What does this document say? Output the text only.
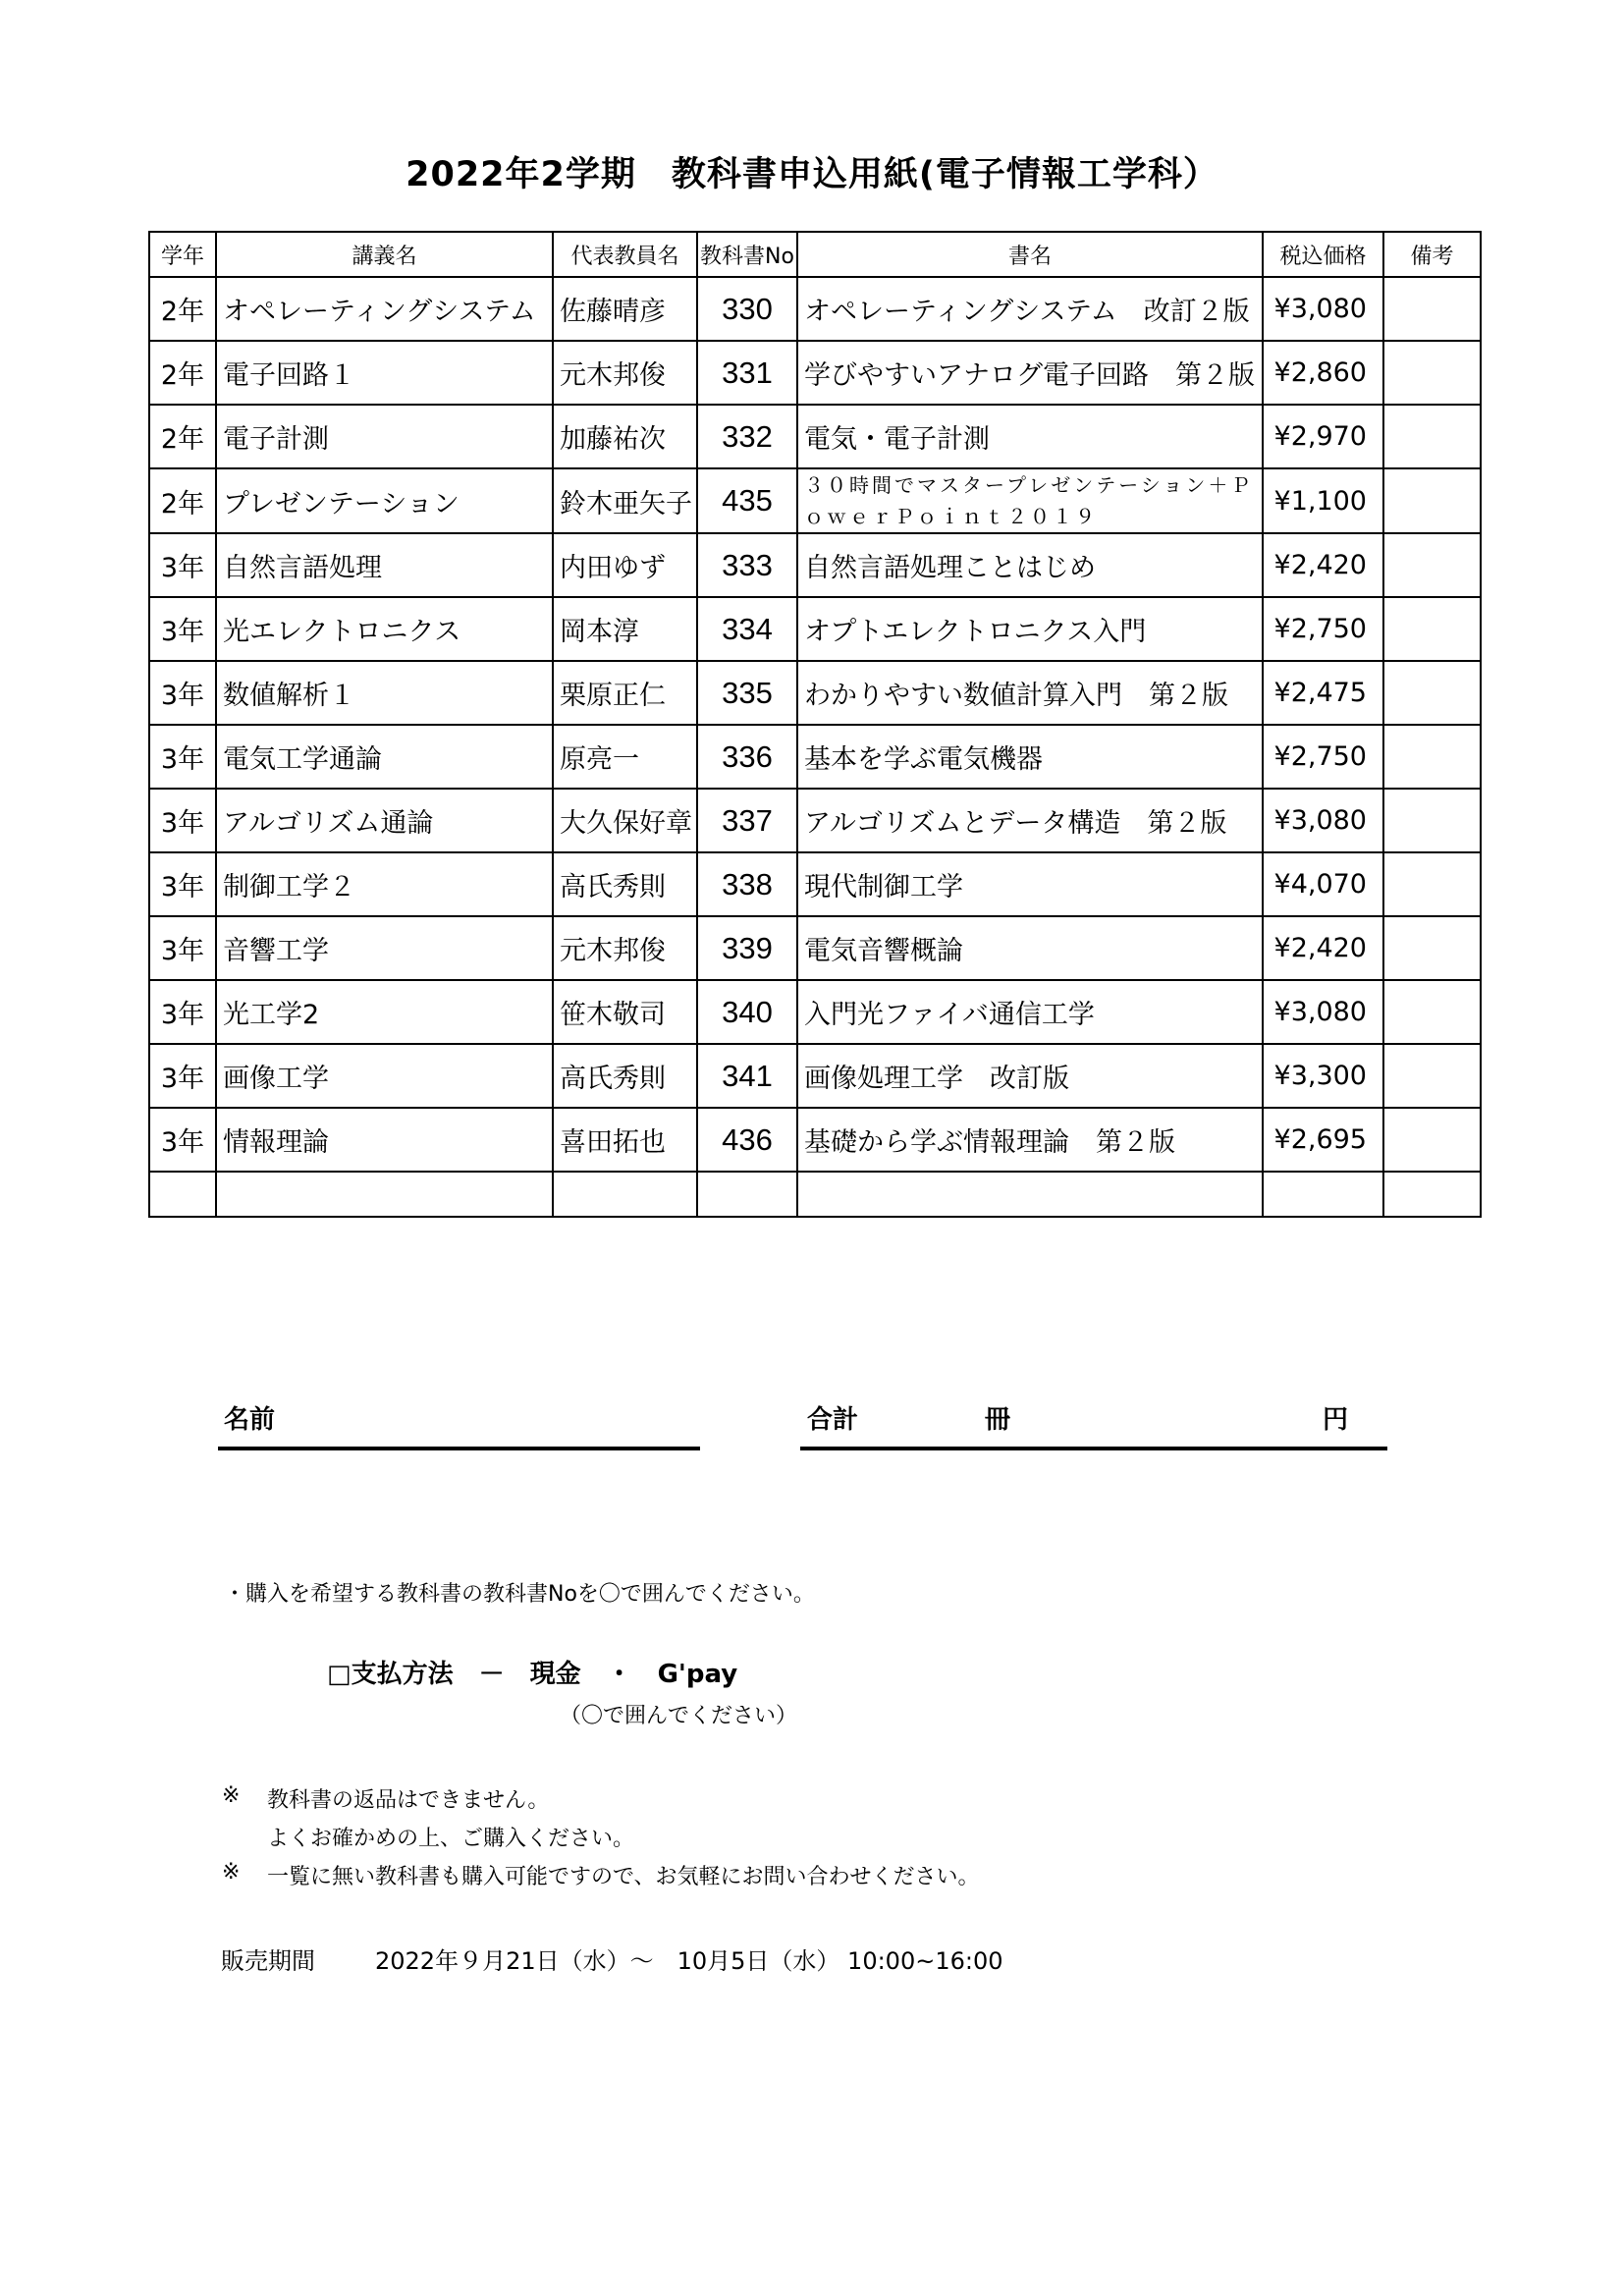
2022年2学期　教科書申込用紙(電子情報工学科）
学年	講義名	代表教員名	教科書No	書名	税込価格	備考
2年	オペレーティングシステム	佐藤晴彦	330	オペレーティングシステム　改訂２版	¥3,080	
2年	電子回路１	元木邦俊	331	学びやすいアナログ電子回路　第２版	¥2,860	
2年	電子計測	加藤祐次	332	電気・電子計測	¥2,970	
2年	プレゼンテーション	鈴木亜矢子	435	３０時間でマスタープレゼンテーション＋ＰｏｗｅｒＰｏｉｎｔ２０１９	¥1,100	
3年	自然言語処理	内田ゆず	333	自然言語処理ことはじめ	¥2,420	
3年	光エレクトロニクス	岡本淳	334	オプトエレクトロニクス入門	¥2,750	
3年	数値解析１	栗原正仁	335	わかりやすい数値計算入門　第２版	¥2,475	
3年	電気工学通論	原亮一	336	基本を学ぶ電気機器	¥2,750	
3年	アルゴリズム通論	大久保好章	337	アルゴリズムとデータ構造　第２版	¥3,080	
3年	制御工学２	高氏秀則	338	現代制御工学	¥4,070	
3年	音響工学	元木邦俊	339	電気音響概論	¥2,420	
3年	光工学2	笹木敬司	340	入門光ファイバ通信工学	¥3,080	
3年	画像工学	高氏秀則	341	画像処理工学　改訂版	¥3,300	
3年	情報理論	喜田拓也	436	基礎から学ぶ情報理論　第２版	¥2,695	

名前	合計	冊	円
・購入を希望する教科書の教科書Noを〇で囲んでください。
□支払方法　－　現金　・　G'pay
（〇で囲んでください）
※ 教科書の返品はできません。
よくお確かめの上、ご購入ください。
※ 一覧に無い教科書も購入可能ですので、お気軽にお問い合わせください。
販売期間	2022年９月21日（水）～　10月5日（水） 10:00~16:00
